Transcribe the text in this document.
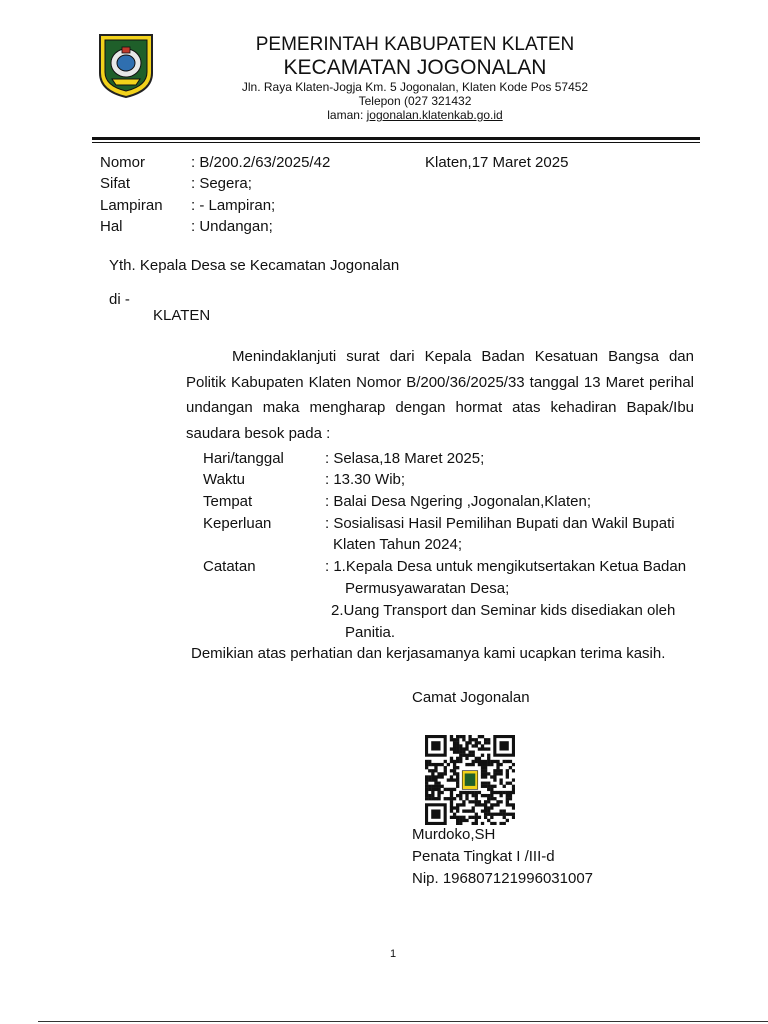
PEMERINTAH KABUPATEN KLATEN
KECAMATAN JOGONALAN
Jln. Raya Klaten-Jogja Km. 5 Jogonalan, Klaten Kode Pos 57452
Telepon (027 321432
laman: jogonalan.klatenkab.go.id
Nomor	: B/200.2/63/2025/42	Klaten,17 Maret 2025
Sifat	: Segera;
Lampiran : - Lampiran;
Hal	: Undangan;
Yth. Kepala Desa se Kecamatan Jogonalan
di -
KLATEN
Menindaklanjuti surat dari Kepala Badan Kesatuan Bangsa dan
Politik Kabupaten Klaten Nomor B/200/36/2025/33 tanggal 13 Maret perihal
undangan maka mengharap dengan hormat atas kehadiran Bapak/Ibu
saudara besok pada :
Hari/tanggal	: Selasa,18 Maret 2025;
Waktu	: 13.30 Wib;
Tempat	: Balai Desa Ngering ,Jogonalan,Klaten;
Keperluan	: Sosialisasi Hasil Pemilihan Bupati dan Wakil Bupati
Klaten Tahun 2024;
Catatan	: 1.Kepala Desa untuk mengikutsertakan Ketua Badan
Permusyawaratan Desa;
2.Uang Transport dan Seminar kids disediakan oleh
Panitia.
Demikian atas perhatian dan kerjasamanya kami ucapkan terima kasih.
Camat Jogonalan
Murdoko,SH
Penata Tingkat I /III-d
Nip. 196807121996031007
1
